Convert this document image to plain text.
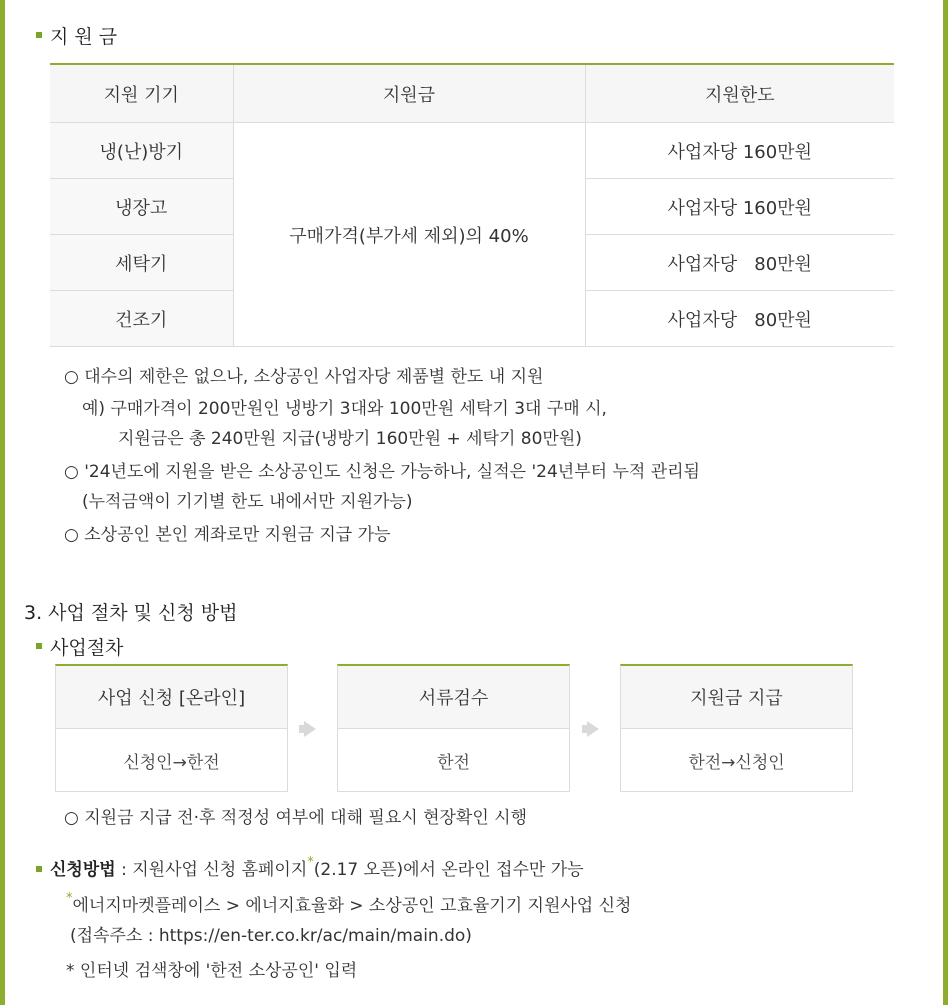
지 원 금
지원 기기	지원금	지원한도
냉(난)방기	구매가격(부가세 제외)의 40%	사업자당 160만원
냉장고		사업자당 160만원
세탁기		사업자당   80만원
건조기		사업자당   80만원
○ 대수의 제한은 없으나, 소상공인 사업자당 제품별 한도 내 지원
예) 구매가격이 200만원인 냉방기 3대와 100만원 세탁기 3대 구매 시,
지원금은 총 240만원 지급(냉방기 160만원 + 세탁기 80만원)
○ '24년도에 지원을 받은 소상공인도 신청은 가능하나, 실적은 '24년부터 누적 관리됨
(누적금액이 기기별 한도 내에서만 지원가능)
○ 소상공인 본인 계좌로만 지원금 지급 가능
3. 사업 절차 및 신청 방법
사업절차
사업 신청 [온라인]
신청인→한전
서류검수
한전
지원금 지급
한전→신청인
○ 지원금 지급 전·후 적정성 여부에 대해 필요시 현장확인 시행
신청방법 : 지원사업 신청 홈페이지*(2.17 오픈)에서 온라인 접수만 가능
*에너지마켓플레이스 > 에너지효율화 > 소상공인 고효율기기 지원사업 신청
(접속주소 : https://en-ter.co.kr/ac/main/main.do)
* 인터넷 검색창에 '한전 소상공인' 입력
